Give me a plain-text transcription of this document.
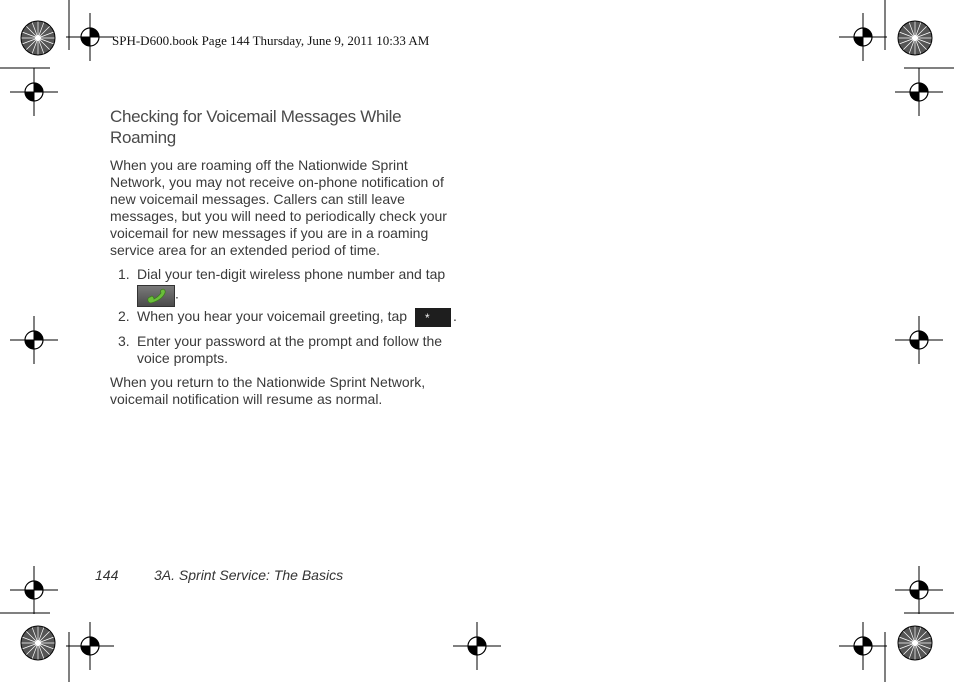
SPH-D600.book Page 144 Thursday, June 9, 2011 10:33 AM
Checking for Voicemail Messages While Roaming

When you are roaming off the Nationwide Sprint Network, you may not receive on-phone notification of new voicemail messages. Callers can still leave messages, but you will need to periodically check your voicemail for new messages if you are in a roaming service area for an extended period of time.

1. Dial your ten-digit wireless phone number and tap

.
2. When you hear your voicemail greeting, tap * .
3. Enter your password at the prompt and follow the voice prompts.

When you return to the Nationwide Sprint Network, voicemail notification will resume as normal.

144	3A. Sprint Service: The Basics
